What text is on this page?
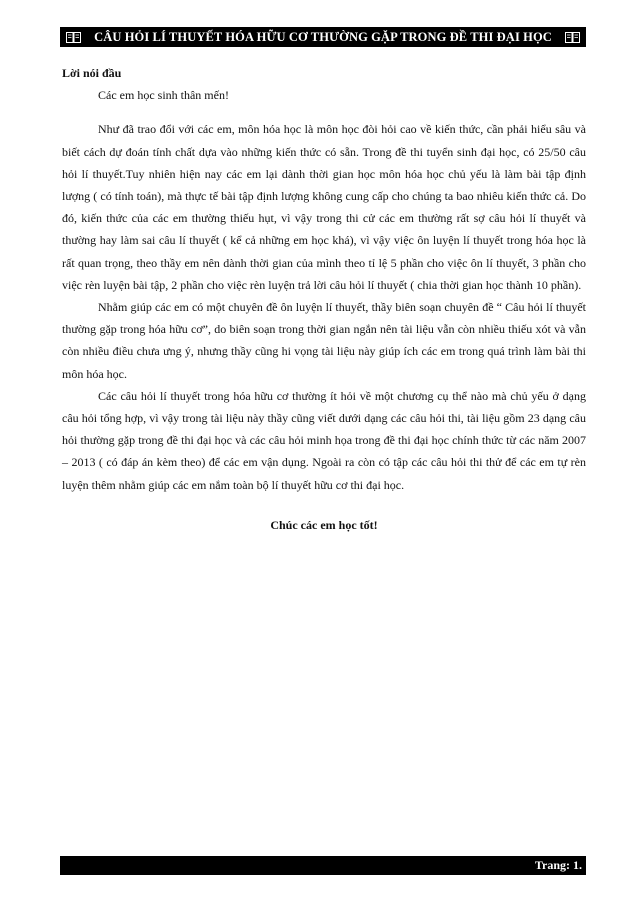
CÂU HỎI LÍ THUYẾT HÓA HỮU CƠ THƯỜNG GẶP TRONG ĐỀ THI ĐẠI HỌC

Lời nói đầu

Các em học sinh thân mến!

Như đã trao đổi với các em, môn hóa học là môn học đòi hỏi cao về kiến thức, cần phải hiểu sâu và biết cách dự đoán tính chất dựa vào những kiến thức có sẵn. Trong đề thi tuyển sinh đại học, có 25/50 câu hỏi lí thuyết.Tuy nhiên hiện nay các em lại dành thời gian học môn hóa học chủ yếu là làm bài tập định lượng ( có tính toán), mà thực tế bài tập định lượng không cung cấp cho chúng ta bao nhiêu kiến thức cả. Do đó, kiến thức của các em thường thiếu hụt, vì vậy trong thi cử các em thường rất sợ câu hỏi lí thuyết và thường hay làm sai câu lí thuyết ( kể cả những em học khá), vì vậy việc ôn luyện lí thuyết trong hóa học là rất quan trọng, theo thầy em nên dành thời gian của mình theo tỉ lệ 5 phần cho việc ôn lí thuyết, 3 phần cho việc rèn luyện bài tập, 2 phần cho việc rèn luyện trả lời câu hỏi lí thuyết ( chia thời gian học thành 10 phần).

Nhằm giúp các em có một chuyên đề ôn luyện lí thuyết, thầy biên soạn chuyên đề “ Câu hỏi lí thuyết thường gặp trong hóa hữu cơ”, do biên soạn trong thời gian ngắn nên tài liệu vẫn còn nhiều thiếu xót và vẫn còn nhiều điều chưa ưng ý, nhưng thầy cũng hi vọng tài liệu này giúp ích các em trong quá trình làm bài thi môn hóa học.

Các câu hỏi lí thuyết trong hóa hữu cơ thường ít hỏi về một chương cụ thể nào mà chủ yếu ở dạng câu hỏi tổng hợp, vì vậy trong tài liệu này thầy cũng viết dưới dạng các câu hỏi thi, tài liệu gồm 23 dạng câu hỏi thường gặp trong đề thi đại học và các câu hỏi minh họa trong đề thi đại học chính thức từ các năm 2007 – 2013 ( có đáp án kèm theo) để các em vận dụng. Ngoài ra còn có tập các câu hỏi thi thử để các em tự rèn luyện thêm nhằm giúp các em nắm toàn bộ lí thuyết hữu cơ thi đại học.

Chúc các em học tốt!

Trang: 1.
